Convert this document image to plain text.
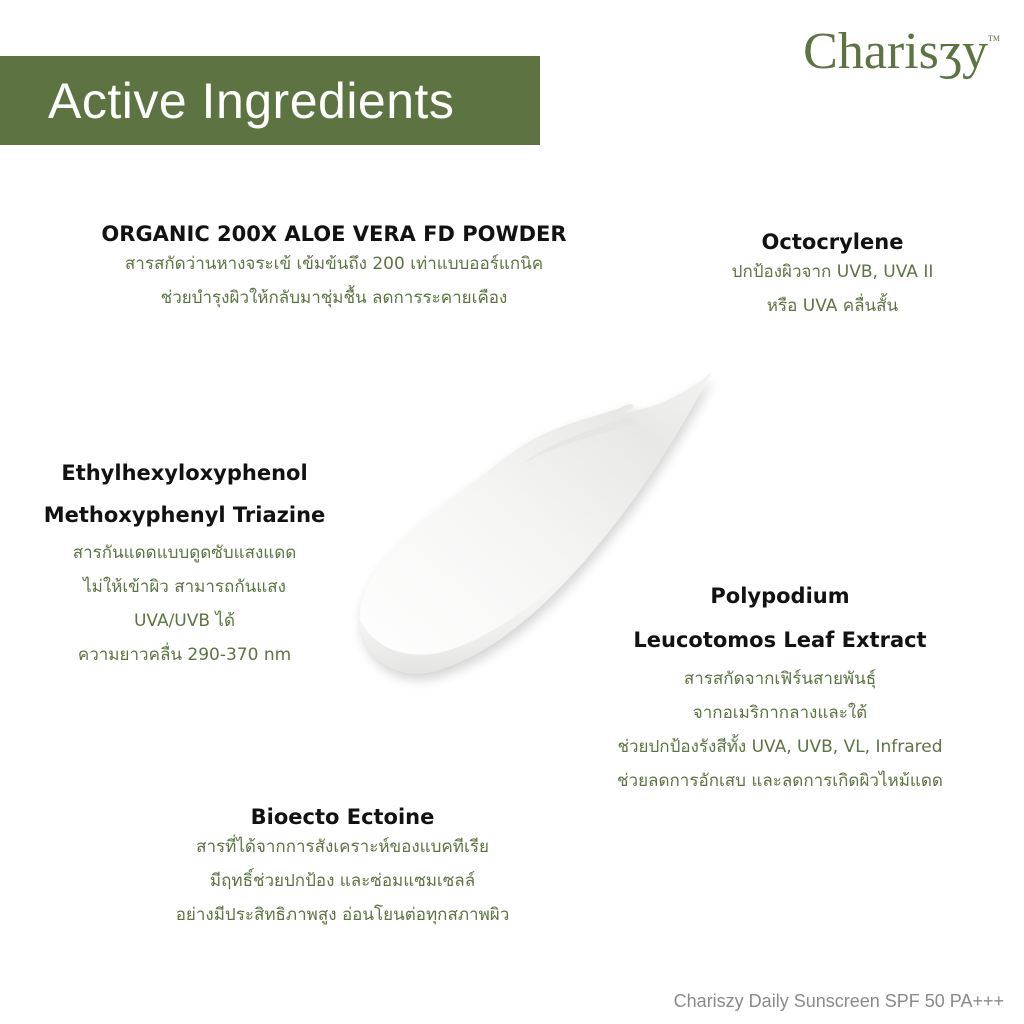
Active Ingredients
Charisʒy™
ORGANIC 200X ALOE VERA FD POWDER
สารสกัดว่านหางจระเข้ เข้มข้นถึง 200 เท่าแบบออร์แกนิค
ช่วยบำรุงผิวให้กลับมาชุ่มชื้น ลดการระคายเคือง
Octocrylene
ปกป้องผิวจาก UVB, UVA II
หรือ UVA คลื่นสั้น
Ethylhexyloxyphenol
Methoxyphenyl Triazine
สารกันแดดแบบดูดซับแสงแดด
ไม่ให้เข้าผิว สามารถกันแสง
UVA/UVB ได้
ความยาวคลื่น 290-370 nm
Polypodium
Leucotomos Leaf Extract
สารสกัดจากเฟิร์นสายพันธุ์
จากอเมริกากลางและใต้
ช่วยปกป้องรังสีทั้ง UVA, UVB, VL, Infrared
ช่วยลดการอักเสบ และลดการเกิดผิวไหม้แดด
Bioecto Ectoine
สารที่ได้จากการสังเคราะห์ของแบคทีเรีย
มีฤทธิ์ช่วยปกป้อง และซ่อมแซมเซลล์
อย่างมีประสิทธิภาพสูง อ่อนโยนต่อทุกสภาพผิว
Chariszy Daily Sunscreen SPF 50 PA+++
